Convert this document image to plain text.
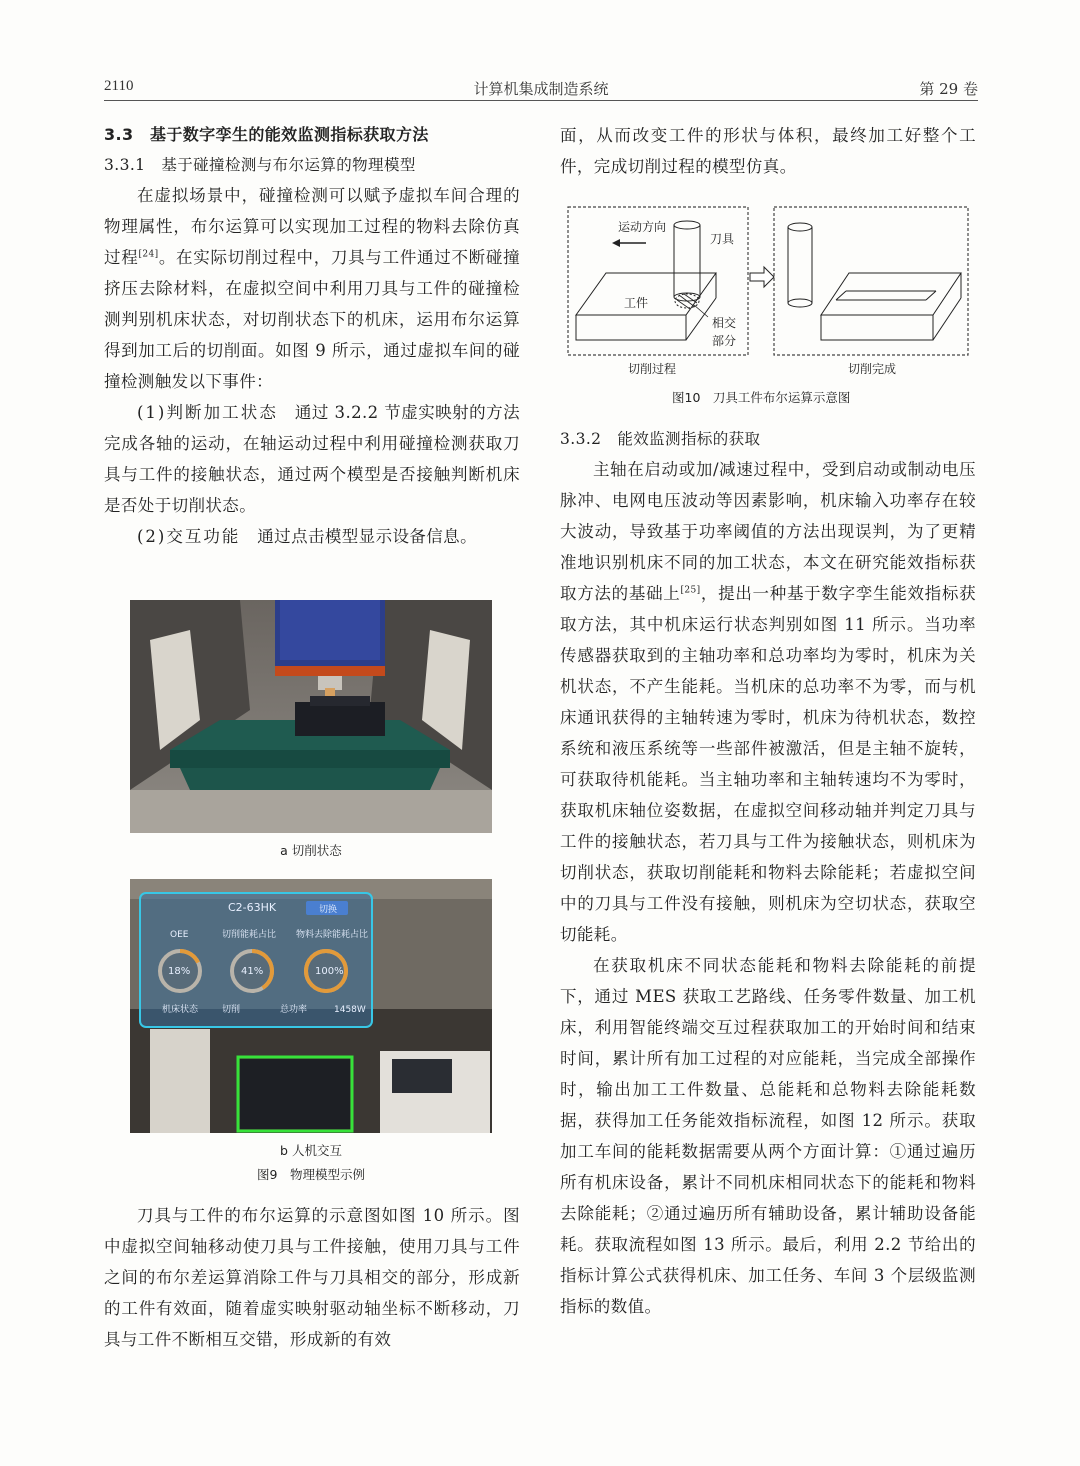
2110	计算机集成制造系统	第 29 卷

3.3　基于数字孪生的能效监测指标获取方法

3.3.1　基于碰撞检测与布尔运算的物理模型

在虚拟场景中，碰撞检测可以赋予虚拟车间合理的物理属性，布尔运算可以实现加工过程的物料去除仿真过程[24]。在实际切削过程中，刀具与工件通过不断碰撞挤压去除材料，在虚拟空间中利用刀具与工件的碰撞检测判别机床状态，对切削状态下的机床，运用布尔运算得到加工后的切削面。如图 9 所示，通过虚拟车间的碰撞检测触发以下事件：

(1)判断加工状态　通过 3.2.2 节虚实映射的方法完成各轴的运动，在轴运动过程中利用碰撞检测获取刀具与工件的接触状态，通过两个模型是否接触判断机床是否处于切削状态。

(2)交互功能　通过点击模型显示设备信息。

a 切削状态
C2-63HK	切换
OEE	切削能耗占比 物料去除能耗占比
18%	41%	100%
机床状态	切削	总功率	1458W
b 人机交互
图9　物理模型示例

刀具与工件的布尔运算的示意图如图 10 所示。图中虚拟空间轴移动使刀具与工件接触，使用刀具与工件之间的布尔差运算消除工件与刀具相交的部分，形成新的工件有效面，随着虚实映射驱动轴坐标不断移动，刀具与工件不断相互交错，形成新的有效

面，从而改变工件的形状与体积，最终加工好整个工件，完成切削过程的模型仿真。

运动方向
刀具
工件
相交
部分
切削过程	切削完成
图10　刀具工件布尔运算示意图

3.3.2　能效监测指标的获取

主轴在启动或加/减速过程中，受到启动或制动电压脉冲、电网电压波动等因素影响，机床输入功率存在较大波动，导致基于功率阈值的方法出现误判，为了更精准地识别机床不同的加工状态，本文在研究能效指标获取方法的基础上[25]，提出一种基于数字孪生能效指标获取方法，其中机床运行状态判别如图 11 所示。当功率传感器获取到的主轴功率和总功率均为零时，机床为关机状态，不产生能耗。当机床的总功率不为零，而与机床通讯获得的主轴转速为零时，机床为待机状态，数控系统和液压系统等一些部件被激活，但是主轴不旋转，可获取待机能耗。当主轴功率和主轴转速均不为零时，获取机床轴位姿数据，在虚拟空间移动轴并判定刀具与工件的接触状态，若刀具与工件为接触状态，则机床为切削状态，获取切削能耗和物料去除能耗；若虚拟空间中的刀具与工件没有接触，则机床为空切状态，获取空切能耗。

在获取机床不同状态能耗和物料去除能耗的前提下，通过 MES 获取工艺路线、任务零件数量、加工机床，利用智能终端交互过程获取加工的开始时间和结束时间，累计所有加工过程的对应能耗，当完成全部操作时，输出加工工件数量、总能耗和总物料去除能耗数据，获得加工任务能效指标流程，如图 12 所示。获取加工车间的能耗数据需要从两个方面计算：①通过遍历所有机床设备，累计不同机床相同状态下的能耗和物料去除能耗；②通过遍历所有辅助设备，累计辅助设备能耗。获取流程如图 13 所示。最后，利用 2.2 节给出的指标计算公式获得机床、加工任务、车间 3 个层级监测指标的数值。
